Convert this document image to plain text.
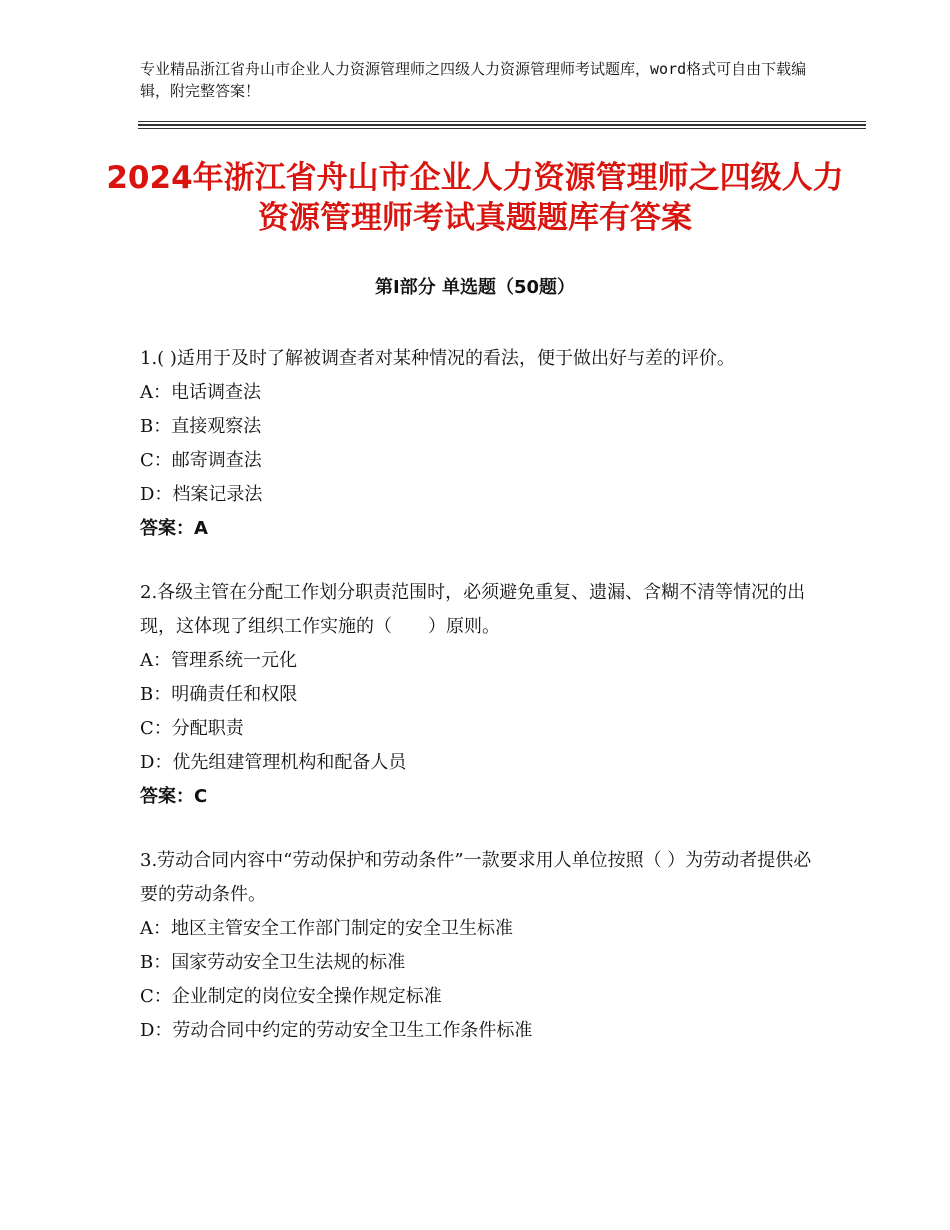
专业精品浙江省舟山市企业人力资源管理师之四级人力资源管理师考试题库，word格式可自由下载编辑，附完整答案！
2024年浙江省舟山市企业人力资源管理师之四级人力资源管理师考试真题题库有答案
第Ⅰ部分 单选题（50题）

1.( )适用于及时了解被调查者对某种情况的看法，便于做出好与差的评价。

A：电话调查法

B：直接观察法

C：邮寄调查法

D：档案记录法

答案：A

2.各级主管在分配工作划分职责范围时，必须避免重复、遗漏、含糊不清等情况的出现，这体现了组织工作实施的（　　）原则。

A：管理系统一元化

B：明确责任和权限

C：分配职责

D：优先组建管理机构和配备人员

答案：C

3.劳动合同内容中“劳动保护和劳动条件”一款要求用人单位按照（ ）为劳动者提供必要的劳动条件。

A：地区主管安全工作部门制定的安全卫生标准

B：国家劳动安全卫生法规的标准

C：企业制定的岗位安全操作规定标准

D：劳动合同中约定的劳动安全卫生工作条件标准
